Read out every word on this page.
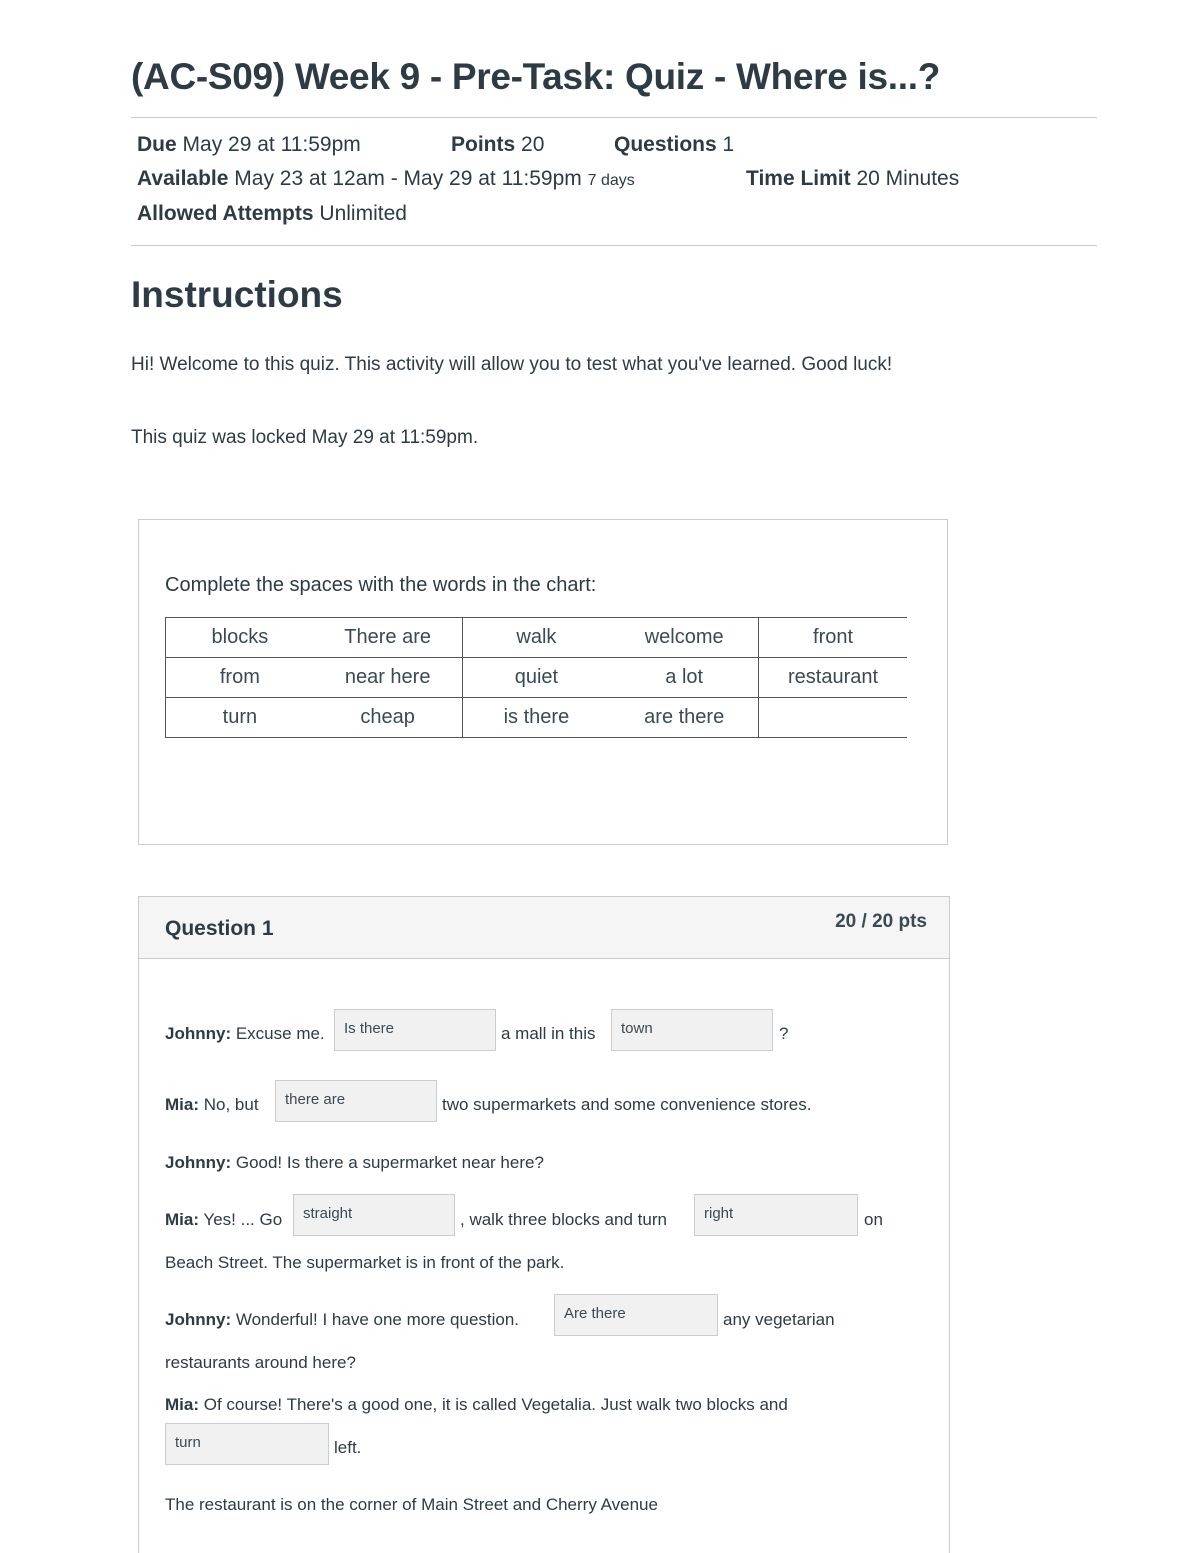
(AC-S09) Week 9 - Pre-Task: Quiz - Where is...?
Due May 29 at 11:59pm	Points 20	Questions 1
Available May 23 at 12am - May 29 at 11:59pm 7 days	Time Limit 20 Minutes
Allowed Attempts Unlimited
Instructions

Hi! Welcome to this quiz. This activity will allow you to test what you've learned. Good luck!

This quiz was locked May 29 at 11:59pm.

Complete the spaces with the words in the chart:

blocks	There are	walk	welcome	front
from	near here	quiet	a lot	restaurant
turn	cheap	is there	are there	
Question 1	20 / 20 pts
Johnny: Excuse me.	Is there	a mall in this	town	?
Mia: No, but	there are	two supermarkets and some convenience stores.
Johnny: Good! Is there a supermarket near here?
Mia: Yes! ... Go	straight	, walk three blocks and turn	right	on
Beach Street. The supermarket is in front of the park.
Johnny: Wonderful! I have one more question.	Are there	any vegetarian
restaurants around here?
Mia: Of course! There's a good one, it is called Vegetalia. Just walk two blocks and
turn	left.
The restaurant is on the corner of Main Street and Cherry Avenue
